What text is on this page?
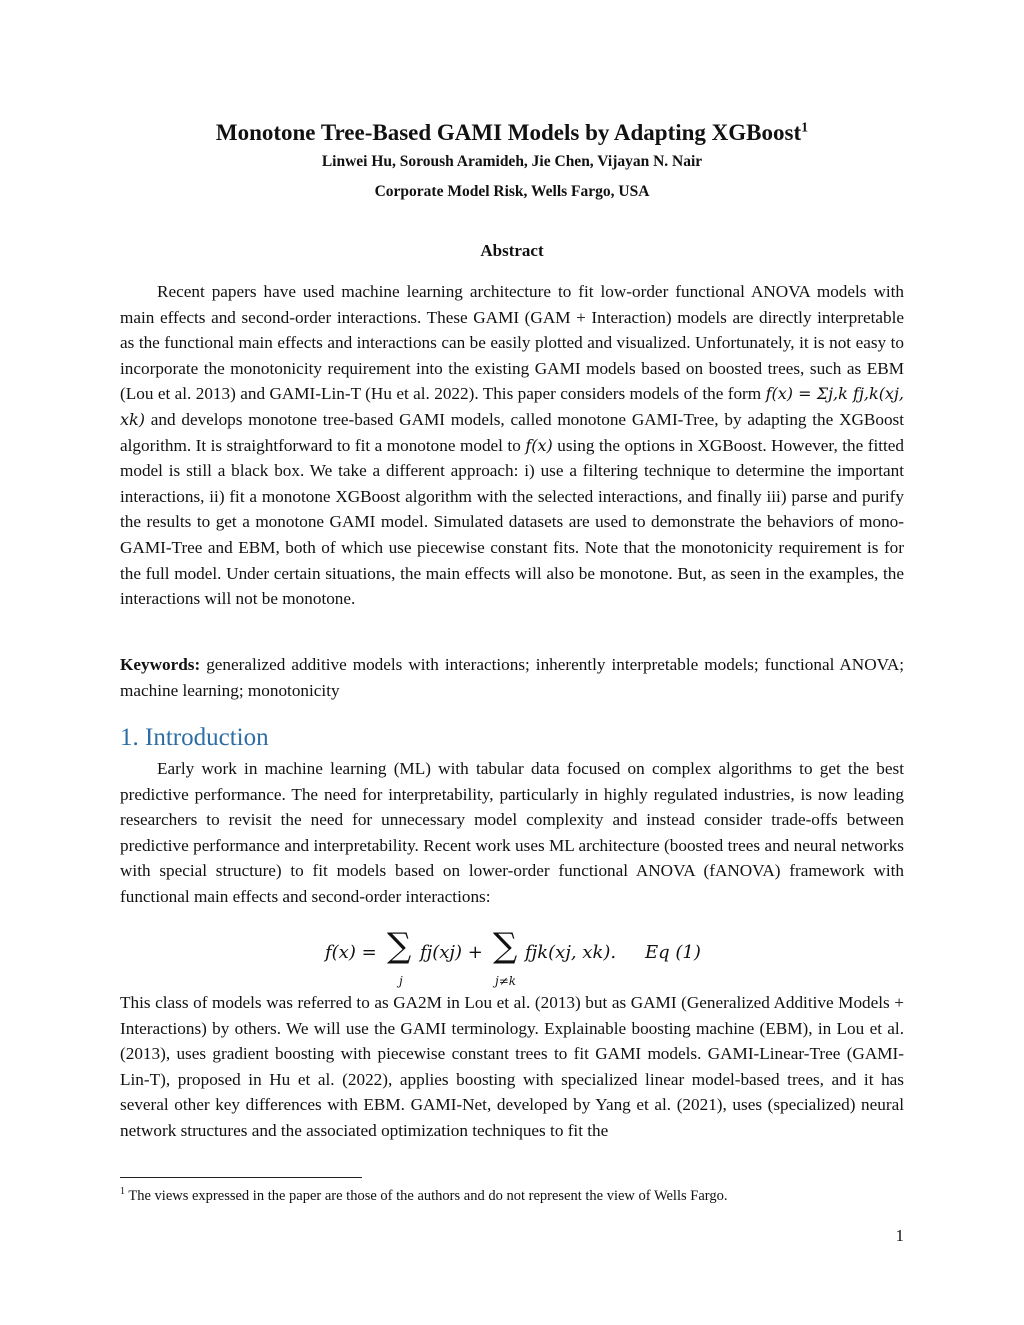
Monotone Tree-Based GAMI Models by Adapting XGBoost$^1$
Linwei Hu, Soroush Aramideh, Jie Chen, Vijayan N. Nair
Corporate Model Risk, Wells Fargo, USA
Abstract

Recent papers have used machine learning architecture to fit low-order functional ANOVA models with main effects and second-order interactions. These GAMI (GAM + Interaction) models are directly interpretable as the functional main effects and interactions can be easily plotted and visualized. Unfortunately, it is not easy to incorporate the monotonicity requirement into the existing GAMI models based on boosted trees, such as EBM (Lou et al. 2013) and GAMI-Lin-T (Hu et al. 2022). This paper considers models of the form f(x) = Σj,k fj,k(xj, xk) and develops monotone tree-based GAMI models, called monotone GAMI-Tree, by adapting the XGBoost algorithm. It is straightforward to fit a monotone model to f(x) using the options in XGBoost. However, the fitted model is still a black box. We take a different approach: i) use a filtering technique to determine the important interactions, ii) fit a monotone XGBoost algorithm with the selected interactions, and finally iii) parse and purify the results to get a monotone GAMI model. Simulated datasets are used to demonstrate the behaviors of mono-GAMI-Tree and EBM, both of which use piecewise constant fits. Note that the monotonicity requirement is for the full model. Under certain situations, the main effects will also be monotone. But, as seen in the examples, the interactions will not be monotone.

Keywords: generalized additive models with interactions; inherently interpretable models; functional ANOVA; machine learning; monotonicity

1. Introduction

Early work in machine learning (ML) with tabular data focused on complex algorithms to get the best predictive performance. The need for interpretability, particularly in highly regulated industries, is now leading researchers to revisit the need for unnecessary model complexity and instead consider trade-offs between predictive performance and interpretability. Recent work uses ML architecture (boosted trees and neural networks with special structure) to fit models based on lower-order functional ANOVA (fANOVA) framework with functional main effects and second-order interactions:

f(x) = ∑
j
fj(xj) + ∑
j≠k
fjk(xj, xk). Eq (1)

This class of models was referred to as GA2M in Lou et al. (2013) but as GAMI (Generalized Additive Models + Interactions) by others. We will use the GAMI terminology. Explainable boosting machine (EBM), in Lou et al. (2013), uses gradient boosting with piecewise constant trees to fit GAMI models. GAMI-Linear-Tree (GAMI-Lin-T), proposed in Hu et al. (2022), applies boosting with specialized linear model-based trees, and it has several other key differences with EBM. GAMI-Net, developed by Yang et al. (2021), uses (specialized) neural network structures and the associated optimization techniques to fit the

$^1$ The views expressed in the paper are those of the authors and do not represent the view of Wells Fargo.
1
